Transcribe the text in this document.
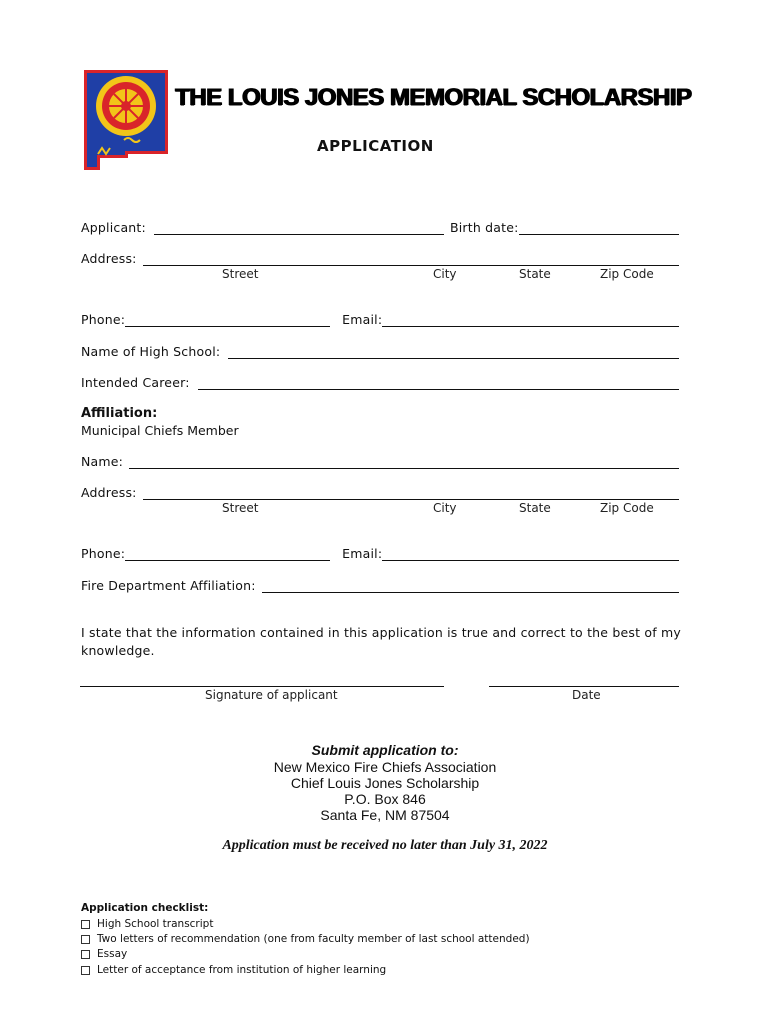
THE LOUIS JONES MEMORIAL SCHOLARSHIP
APPLICATION
Applicant:	Birth date:
Address:
Street	City	State	Zip Code
Phone:	Email:
Name of High School:
Intended Career:
Affiliation:
Municipal Chiefs Member
Name:
Address:
Street	City	State	Zip Code
Phone:	Email:
Fire Department Affiliation:
I state that the information contained in this application is true and correct to the best of my knowledge.
Signature of applicant	Date
Submit application to:
New Mexico Fire Chiefs Association
Chief Louis Jones Scholarship
P.O. Box 846
Santa Fe, NM 87504
Application must be received no later than July 31, 2022
Application checklist:
High School transcript
Two letters of recommendation (one from faculty member of last school attended)
Essay
Letter of acceptance from institution of higher learning
